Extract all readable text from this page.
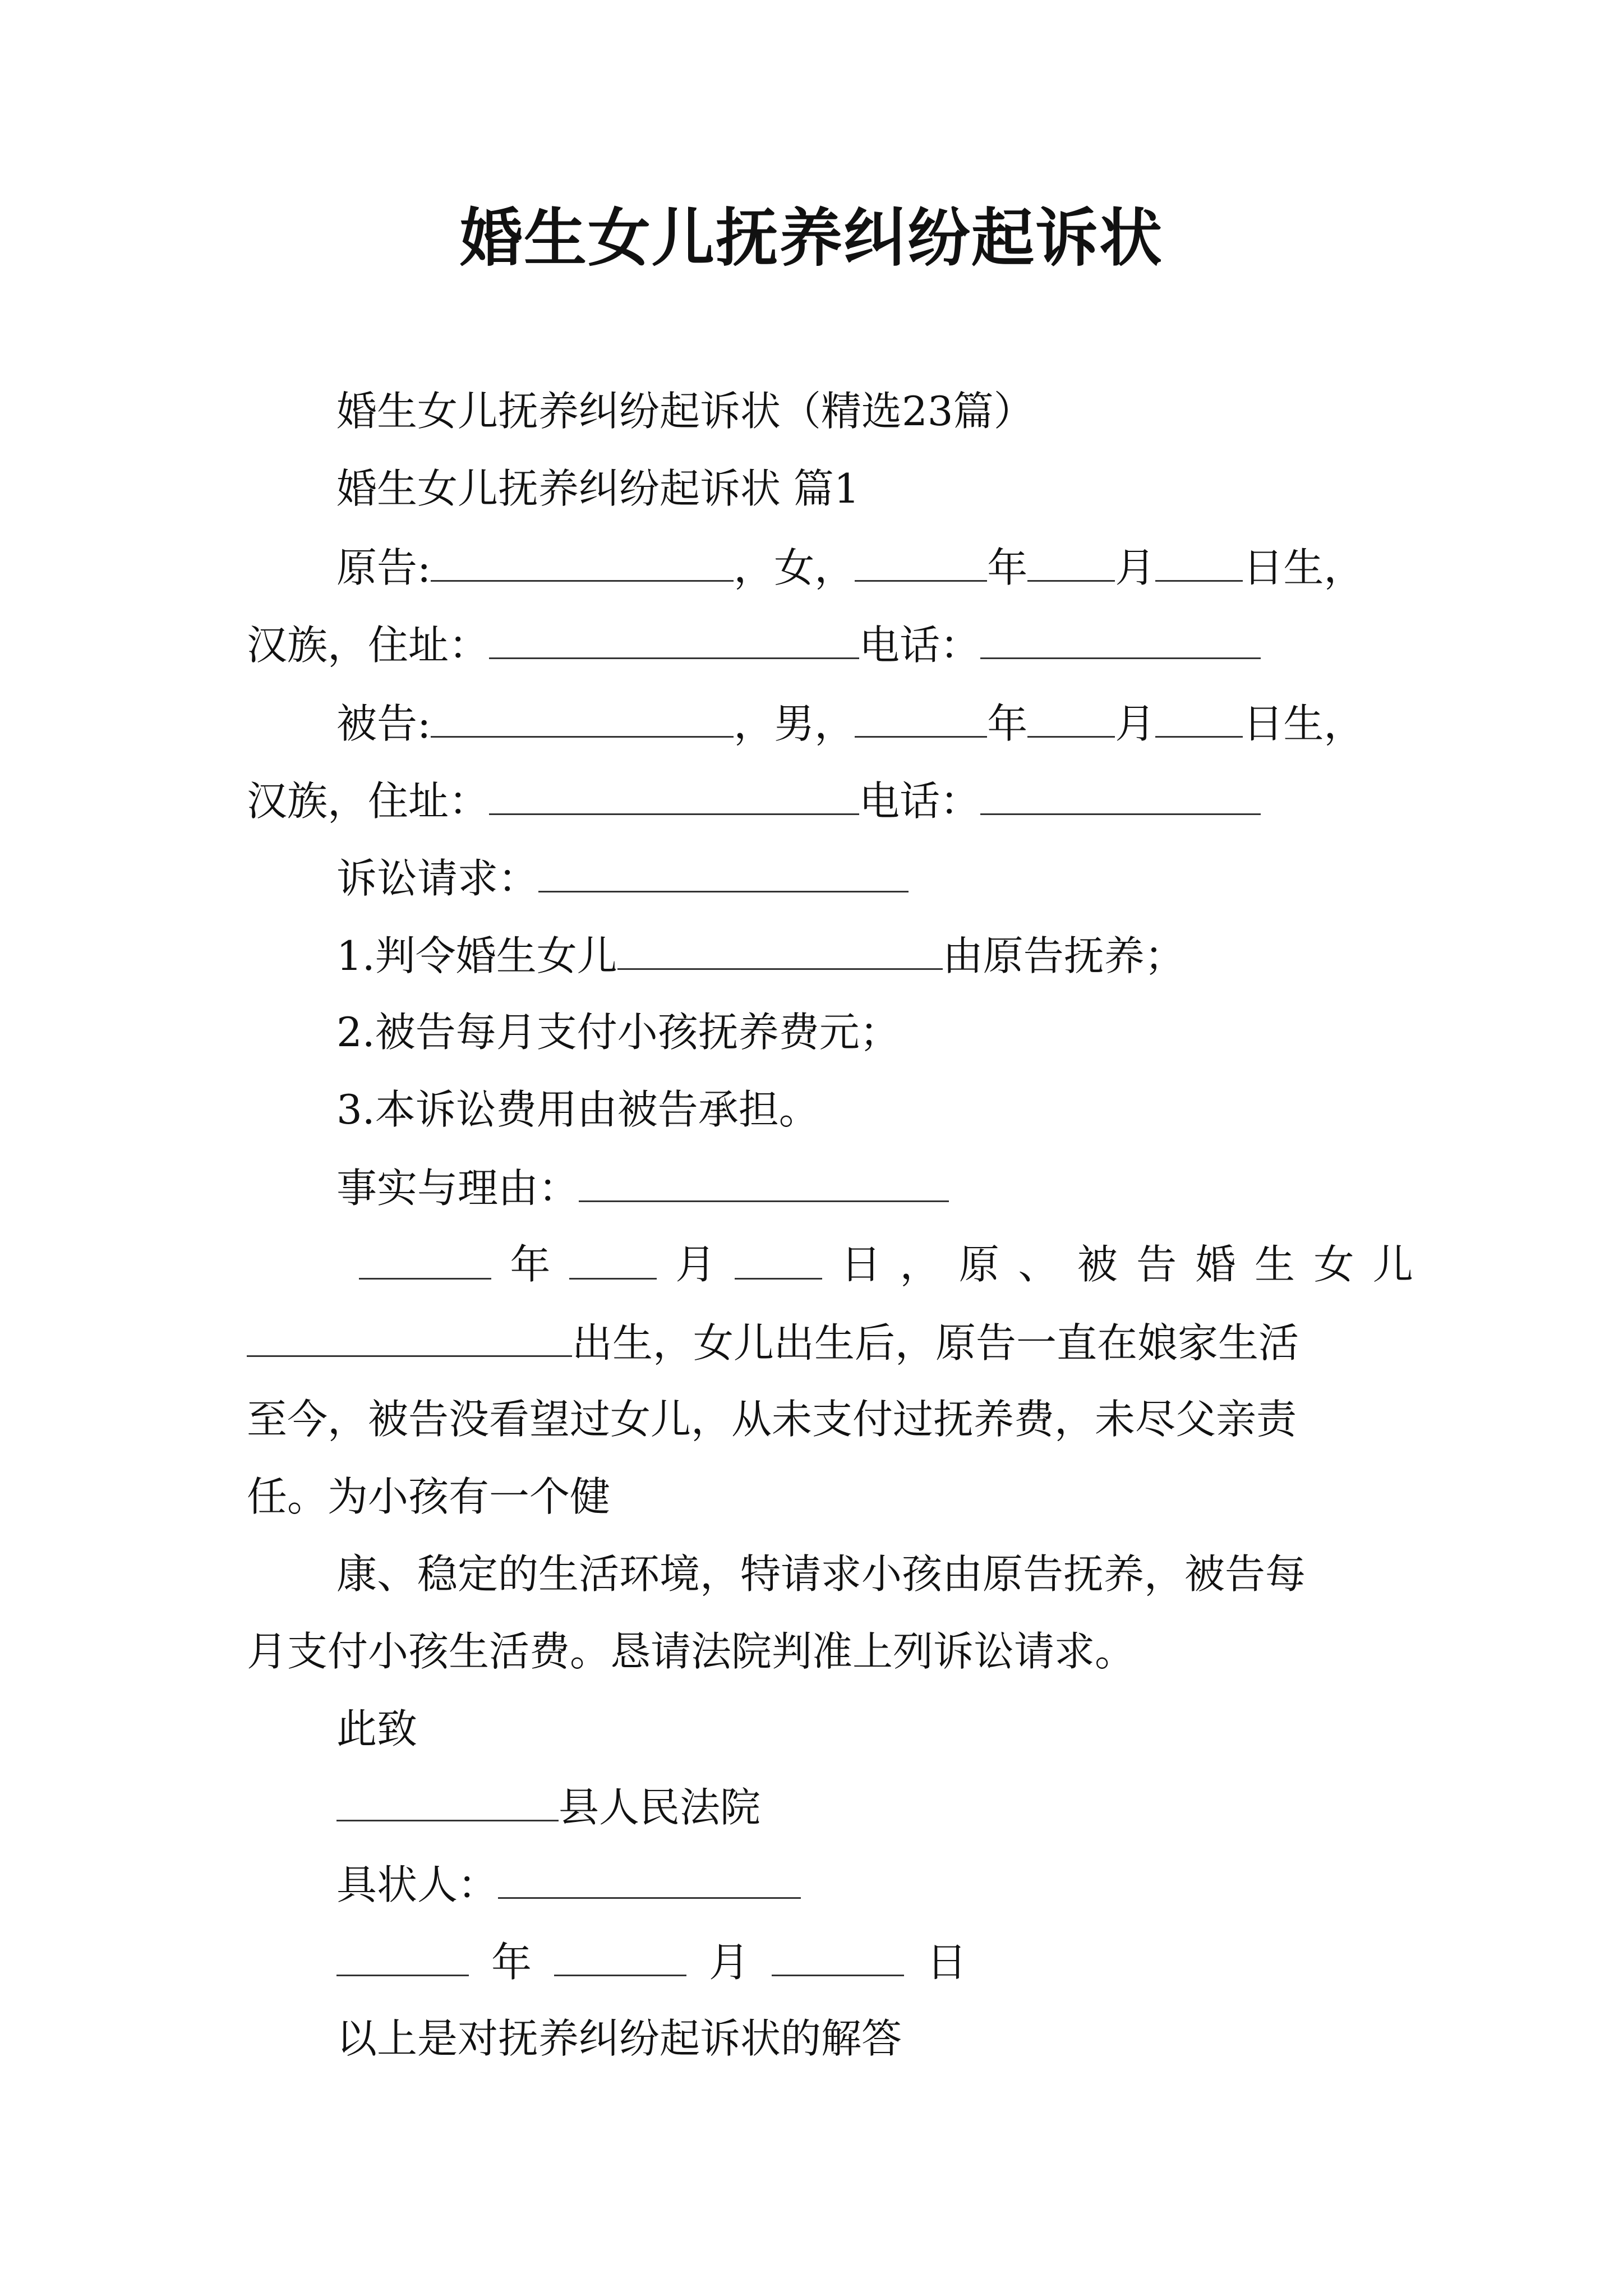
婚生女儿抚养纠纷起诉状
婚生女儿抚养纠纷起诉状（精选23篇）
婚生女儿抚养纠纷起诉状 篇1
原告:	，女，	年 月 日生，
汉族，住址：	电话：
被告:	，男，	年 月 日生，
汉族，住址：	电话：
诉讼请求：
1.判令婚生女儿	由原告抚养；
2.被告每月支付小孩抚养费元；
3.本诉讼费用由被告承担。
事实与理由：
年	月	日 ， 原 、 被 告 婚 生 女 儿
出生，女儿出生后，原告一直在娘家生活
至今，被告没看望过女儿，从未支付过抚养费，未尽父亲责
任。为小孩有一个健
康、稳定的生活环境，特请求小孩由原告抚养，被告每
月支付小孩生活费。恳请法院判准上列诉讼请求。
此致
县人民法院
具状人：
年	月	日
以上是对抚养纠纷起诉状的解答
